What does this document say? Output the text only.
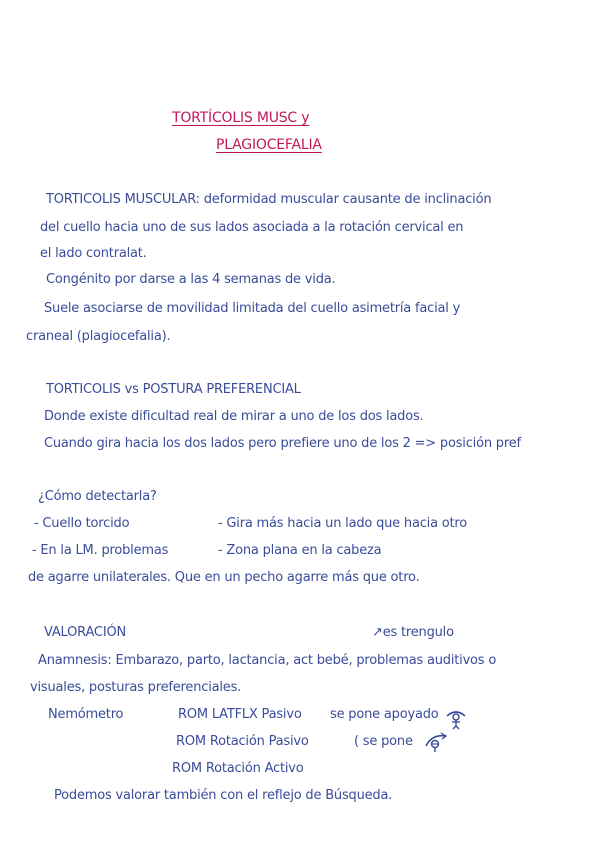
TORTÍCOLIS MUSC y
PLAGIOCEFALIA
TORTICOLIS MUSCULAR: deformidad muscular causante de inclinación
del cuello hacia uno de sus lados asociada a la rotación cervical en
el lado contralat.
Congénito por darse a las 4 semanas de vida.
Suele asociarse de movilidad limitada del cuello asimetría facial y
craneal (plagiocefalia).
TORTICOLIS vs POSTURA PREFERENCIAL
Donde existe dificultad real de mirar a uno de los dos lados.
Cuando gira hacia los dos lados pero prefiere uno de los 2 => posición pref
¿Cómo detectarla?
- Cuello torcido	- Gira más hacia un lado que hacia otro
- En la LM. problemas	- Zona plana en la cabeza
de agarre unilaterales. Que en un pecho agarre más que otro.
VALORACIÓN	↗es trengulo
Anamnesis: Embarazo, parto, lactancia, act bebé, problemas auditivos o
visuales, posturas preferenciales.
Nemómetro	ROM LATFLX Pasivo se pone apoyado
ROM Rotación Pasivo	( se pone
ROM Rotación Activo
Podemos valorar también con el reflejo de Búsqueda.
